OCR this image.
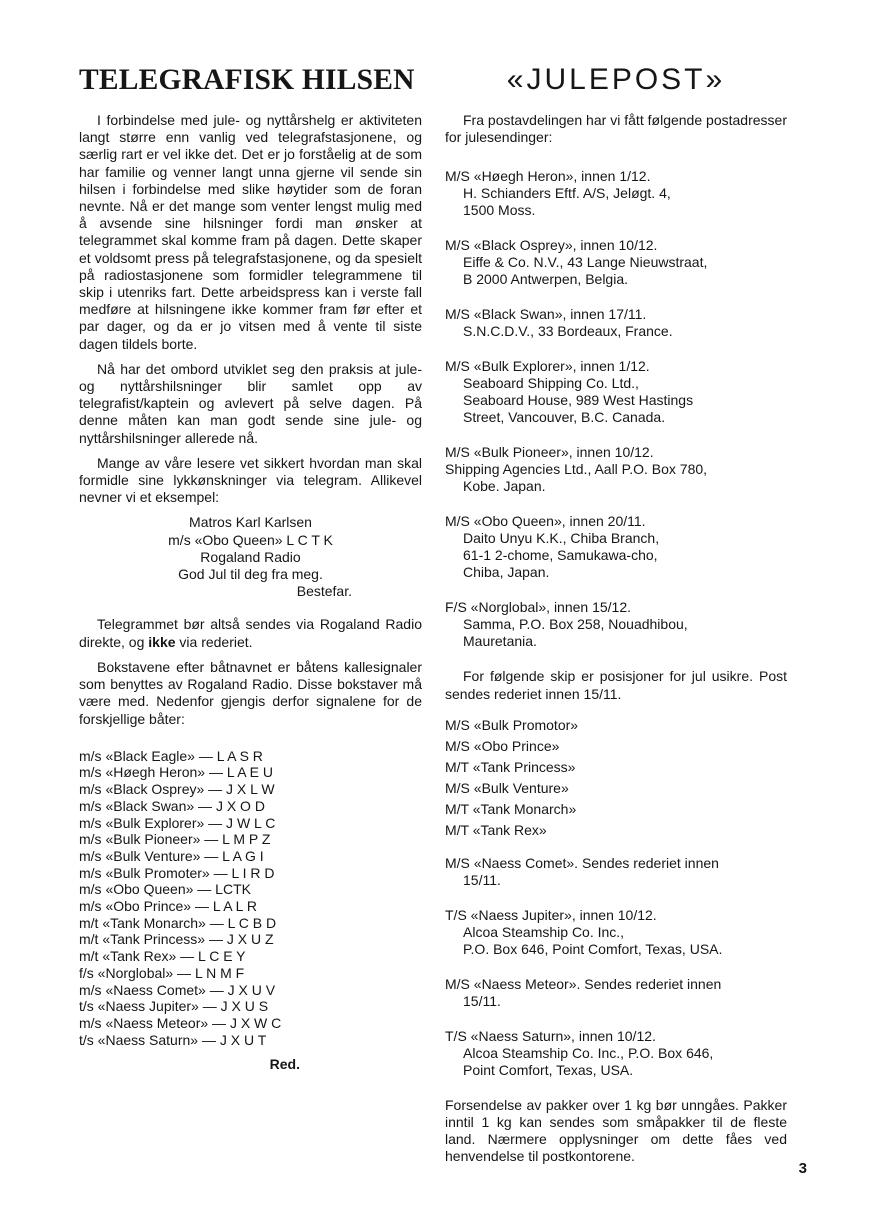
TELEGRAFISK HILSEN

I forbindelse med jule- og nyttårshelg er aktiviteten langt større enn vanlig ved telegrafstasjonene, og særlig rart er vel ikke det. Det er jo forståelig at de som har familie og venner langt unna gjerne vil sende sin hilsen i forbindelse med slike høytider som de foran nevnte. Nå er det mange som venter lengst mulig med å avsende sine hilsninger fordi man ønsker at telegrammet skal komme fram på dagen. Dette skaper et voldsomt press på telegrafstasjonene, og da spesielt på radiostasjonene som formidler telegrammene til skip i utenriks fart. Dette arbeidspress kan i verste fall medføre at hilsningene ikke kommer fram før efter et par dager, og da er jo vitsen med å vente til siste dagen tildels borte.

Nå har det ombord utviklet seg den praksis at jule- og nyttårshilsninger blir samlet opp av telegrafist/kaptein og avlevert på selve dagen. På denne måten kan man godt sende sine jule- og nyttårshilsninger allerede nå.

Mange av våre lesere vet sikkert hvordan man skal formidle sine lykkønskninger via telegram. Allikevel nevner vi et eksempel:

Matros Karl Karlsen
m/s «Obo Queen» L C T K
Rogaland Radio
God Jul til deg fra meg.
Bestefar.

Telegrammet bør altså sendes via Rogaland Radio direkte, og ikke via rederiet.

Bokstavene efter båtnavnet er båtens kallesignaler som benyttes av Rogaland Radio. Disse bokstaver må være med. Nedenfor gjengis derfor signalene for de forskjellige båter:

m/s «Black Eagle» — L A S R
m/s «Høegh Heron» — L A E U
m/s «Black Osprey» — J X L W
m/s «Black Swan» — J X O D
m/s «Bulk Explorer» — J W L C
m/s «Bulk Pioneer» — L M P Z
m/s «Bulk Venture» — L A G I
m/s «Bulk Promoter» — L I R D
m/s «Obo Queen» — LCTK
m/s «Obo Prince» — L A L R
m/t «Tank Monarch» — L C B D
m/t «Tank Princess» — J X U Z
m/t «Tank Rex» — L C E Y
f/s «Norglobal» — L N M F
m/s «Naess Comet» — J X U V
t/s «Naess Jupiter» — J X U S
m/s «Naess Meteor» — J X W C
t/s «Naess Saturn» — J X U T
Red.
«JULEPOST»

Fra postavdelingen har vi fått følgende postadresser for julesendinger:

M/S «Høegh Heron», innen 1/12.
H. Schianders Eftf. A/S, Jeløgt. 4,
1500 Moss.
M/S «Black Osprey», innen 10/12.
Eiffe & Co. N.V., 43 Lange Nieuwstraat,
B 2000 Antwerpen, Belgia.
M/S «Black Swan», innen 17/11.
S.N.C.D.V., 33 Bordeaux, France.
M/S «Bulk Explorer», innen 1/12.
Seaboard Shipping Co. Ltd.,
Seaboard House, 989 West Hastings
Street, Vancouver, B.C. Canada.
M/S «Bulk Pioneer», innen 10/12.
Shipping Agencies Ltd., Aall P.O. Box 780,
Kobe. Japan.
M/S «Obo Queen», innen 20/11.
Daito Unyu K.K., Chiba Branch,
61-1 2-chome, Samukawa-cho,
Chiba, Japan.
F/S «Norglobal», innen 15/12.
Samma, P.O. Box 258, Nouadhibou,
Mauretania.

For følgende skip er posisjoner for jul usikre. Post sendes rederiet innen 15/11.

M/S «Bulk Promotor»
M/S «Obo Prince»
M/T «Tank Princess»
M/S «Bulk Venture»
M/T «Tank Monarch»
M/T «Tank Rex»
M/S «Naess Comet». Sendes rederiet innen
15/11.
T/S «Naess Jupiter», innen 10/12.
Alcoa Steamship Co. Inc.,
P.O. Box 646, Point Comfort, Texas, USA.
M/S «Naess Meteor». Sendes rederiet innen
15/11.
T/S «Naess Saturn», innen 10/12.
Alcoa Steamship Co. Inc., P.O. Box 646,
Point Comfort, Texas, USA.

Forsendelse av pakker over 1 kg bør unngåes. Pakker inntil 1 kg kan sendes som småpakker til de fleste land. Nærmere opplysninger om dette fåes ved henvendelse til postkontorene.

3
